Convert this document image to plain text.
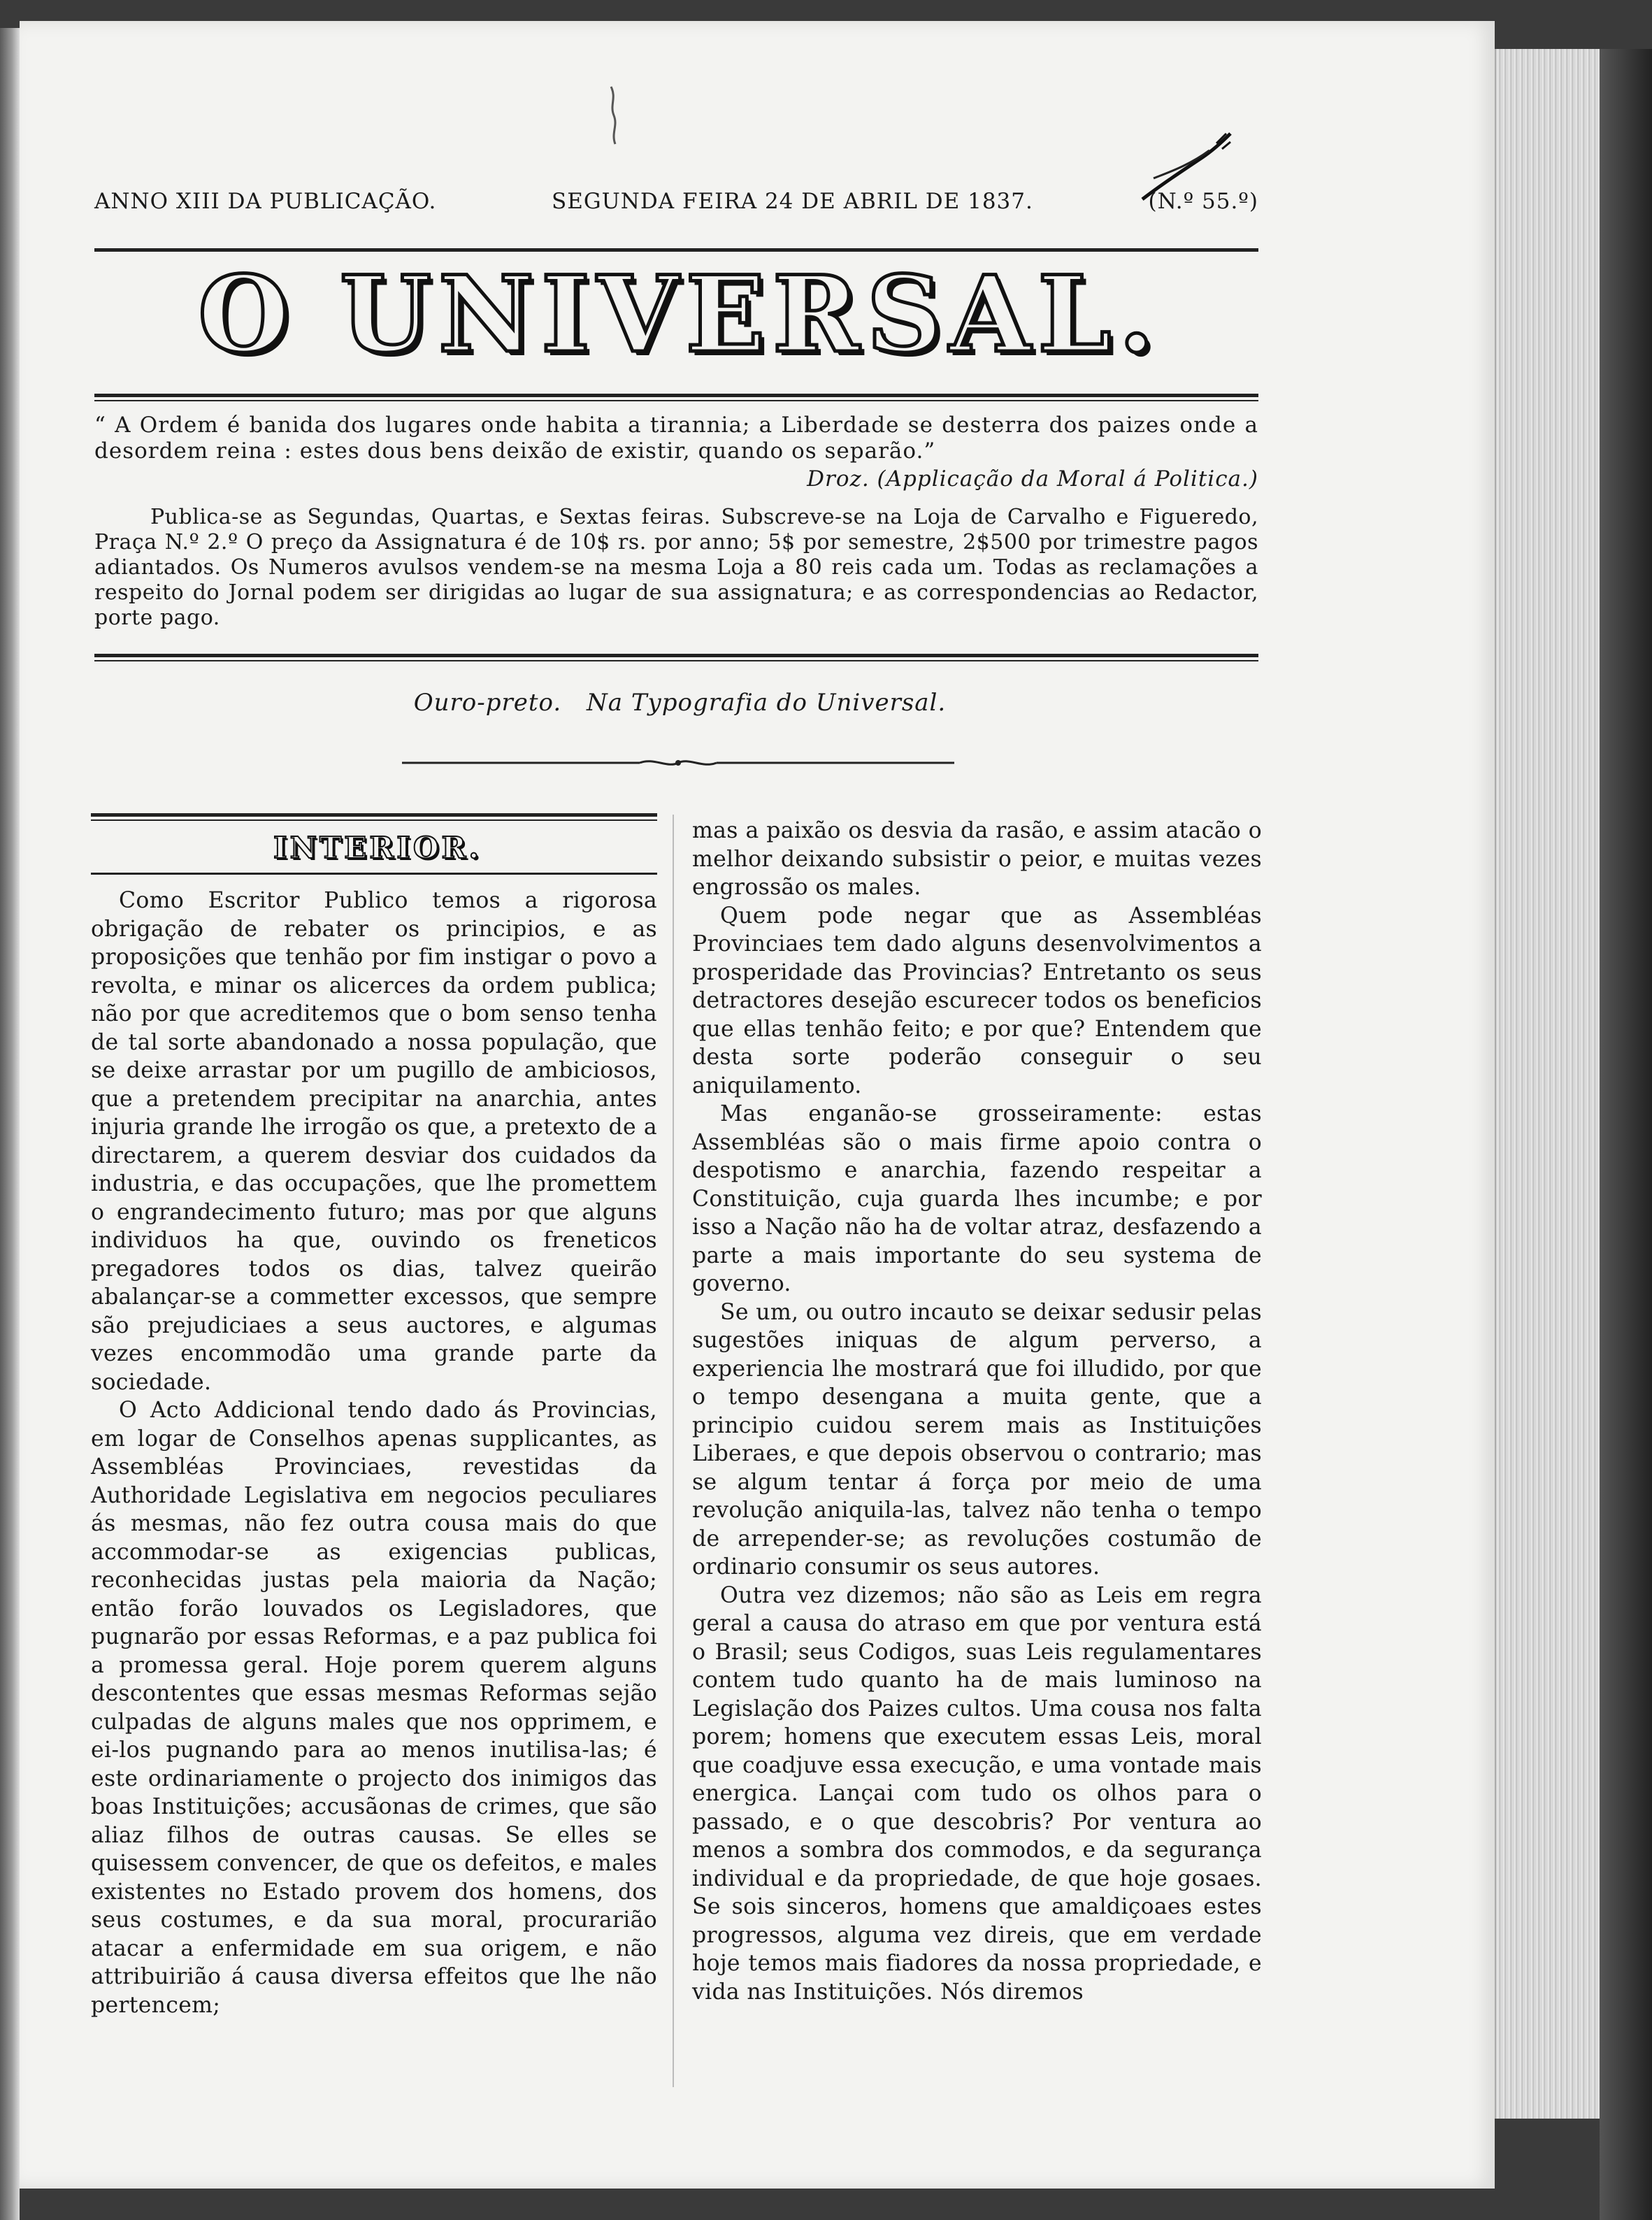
ANNO XIII DA PUBLICAÇÃO.	SEGUNDA FEIRA 24 DE ABRIL DE 1837.	(N.º 55.º)
O UNIVERSAL.
“ A Ordem é banida dos lugares onde habita a tirannia; a Liberdade se desterra dos paizes onde a desordem reina : estes dous bens deixão de existir, quando os separão.”
Droz. (Applicação da Moral á Politica.)
Publica-se as Segundas, Quartas, e Sextas feiras. Subscreve-se na Loja de Carvalho e Figueredo, Praça N.º 2.º O preço da Assignatura é de 10$ rs. por anno; 5$ por semestre, 2$500 por trimestre pagos adiantados. Os Numeros avulsos vendem-se na mesma Loja a 80 reis cada um. Todas as reclamações a respeito do Jornal podem ser dirigidas ao lugar de sua assignatura; e as correspondencias ao Redactor, porte pago.
Ouro-preto. Na Typografia do Universal.
INTERIOR.

Como Escritor Publico temos a rigorosa obrigação de rebater os principios, e as proposições que tenhão por fim instigar o povo a revolta, e minar os alicerces da ordem publica; não por que acreditemos que o bom senso tenha de tal sorte abandonado a nossa população, que se deixe arrastar por um pugillo de ambiciosos, que a pretendem precipitar na anarchia, antes injuria grande lhe irrogão os que, a pretexto de a directarem, a querem desviar dos cuidados da industria, e das occupações, que lhe promettem o engrandecimento futuro; mas por que alguns individuos ha que, ouvindo os freneticos pregadores todos os dias, talvez queirão abalançar-se a commetter excessos, que sempre são prejudiciaes a seus auctores, e algumas vezes encommodão uma grande parte da sociedade.

O Acto Addicional tendo dado ás Provincias, em logar de Conselhos apenas supplicantes, as Assembléas Provinciaes, revestidas da Authoridade Legislativa em negocios peculiares ás mesmas, não fez outra cousa mais do que accommodar-se as exigencias publicas, reconhecidas justas pela maioria da Nação; então forão louvados os Legisladores, que pugnarão por essas Reformas, e a paz publica foi a promessa geral. Hoje porem querem alguns descontentes que essas mesmas Reformas sejão culpadas de alguns males que nos opprimem, e ei-los pugnando para ao menos inutilisa-las; é este ordinariamente o projecto dos inimigos das boas Instituições; accusãonas de crimes, que são aliaz filhos de outras causas. Se elles se quisessem convencer, de que os defeitos, e males existentes no Estado provem dos homens, dos seus costumes, e da sua moral, procurarião atacar a enfermidade em sua origem, e não attribuirião á causa diversa effeitos que lhe não pertencem;

mas a paixão os desvia da rasão, e assim atacão o melhor deixando subsistir o peior, e muitas vezes engrossão os males.

Quem pode negar que as Assembléas Provinciaes tem dado alguns desenvolvimentos a prosperidade das Provincias? Entretanto os seus detractores desejão escurecer todos os beneficios que ellas tenhão feito; e por que? Entendem que desta sorte poderão conseguir o seu aniquilamento.

Mas enganão-se grosseiramente: estas Assembléas são o mais firme apoio contra o despotismo e anarchia, fazendo respeitar a Constituição, cuja guarda lhes incumbe; e por isso a Nação não ha de voltar atraz, desfazendo a parte a mais importante do seu systema de governo.

Se um, ou outro incauto se deixar sedusir pelas sugestões iniquas de algum perverso, a experiencia lhe mostrará que foi illudido, por que o tempo desengana a muita gente, que a principio cuidou serem mais as Instituições Liberaes, e que depois observou o contrario; mas se algum tentar á força por meio de uma revolução aniquila-las, talvez não tenha o tempo de arrepender-se; as revoluções costumão de ordinario consumir os seus autores.

Outra vez dizemos; não são as Leis em regra geral a causa do atraso em que por ventura está o Brasil; seus Codigos, suas Leis regulamentares contem tudo quanto ha de mais luminoso na Legislação dos Paizes cultos. Uma cousa nos falta porem; homens que executem essas Leis, moral que coadjuve essa execução, e uma vontade mais energica. Lançai com tudo os olhos para o passado, e o que descobris? Por ventura ao menos a sombra dos commodos, e da segurança individual e da propriedade, de que hoje gosaes. Se sois sinceros, homens que amaldiçoaes estes progressos, alguma vez direis, que em verdade hoje temos mais fiadores da nossa propriedade, e vida nas Instituições. Nós diremos
